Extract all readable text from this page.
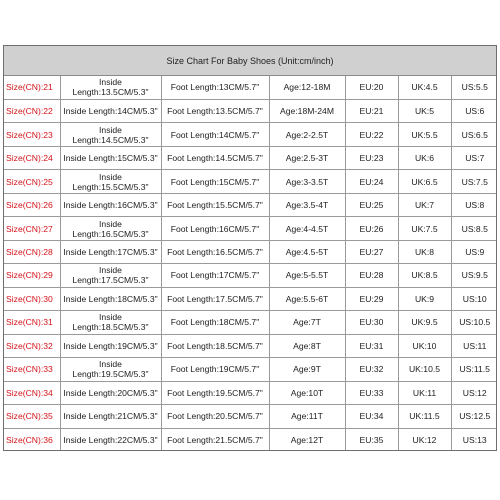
Size Chart For Baby Shoes (Unit:cm/inch)
Size(CN):21	Inside Length:13.5CM/5.3"	Foot Length:13CM/5.7"	Age:12-18M	EU:20	UK:4.5	US:5.5
Size(CN):22	Inside Length:14CM/5.3"	Foot Length:13.5CM/5.7"	Age:18M-24M	EU:21	UK:5	US:6
Size(CN):23	Inside Length:14.5CM/5.3"	Foot Length:14CM/5.7"	Age:2-2.5T	EU:22	UK:5.5	US:6.5
Size(CN):24	Inside Length:15CM/5.3"	Foot Length:14.5CM/5.7"	Age:2.5-3T	EU:23	UK:6	US:7
Size(CN):25	Inside Length:15.5CM/5.3"	Foot Length:15CM/5.7"	Age:3-3.5T	EU:24	UK:6.5	US:7.5
Size(CN):26	Inside Length:16CM/5.3"	Foot Length:15.5CM/5.7"	Age:3.5-4T	EU:25	UK:7	US:8
Size(CN):27	Inside Length:16.5CM/5.3"	Foot Length:16CM/5.7"	Age:4-4.5T	EU:26	UK:7.5	US:8.5
Size(CN):28	Inside Length:17CM/5.3"	Foot Length:16.5CM/5.7"	Age:4.5-5T	EU:27	UK:8	US:9
Size(CN):29	Inside Length:17.5CM/5.3"	Foot Length:17CM/5.7"	Age:5-5.5T	EU:28	UK:8.5	US:9.5
Size(CN):30	Inside Length:18CM/5.3"	Foot Length:17.5CM/5.7"	Age:5.5-6T	EU:29	UK:9	US:10
Size(CN):31	Inside Length:18.5CM/5.3"	Foot Length:18CM/5.7"	Age:7T	EU:30	UK:9.5	US:10.5
Size(CN):32	Inside Length:19CM/5.3"	Foot Length:18.5CM/5.7"	Age:8T	EU:31	UK:10	US:11
Size(CN):33	Inside Length:19.5CM/5.3"	Foot Length:19CM/5.7"	Age:9T	EU:32	UK:10.5	US:11.5
Size(CN):34	Inside Length:20CM/5.3"	Foot Length:19.5CM/5.7"	Age:10T	EU:33	UK:11	US:12
Size(CN):35	Inside Length:21CM/5.3"	Foot Length:20.5CM/5.7"	Age:11T	EU:34	UK:11.5	US:12.5
Size(CN):36	Inside Length:22CM/5.3"	Foot Length:21.5CM/5.7"	Age:12T	EU:35	UK:12	US:13
